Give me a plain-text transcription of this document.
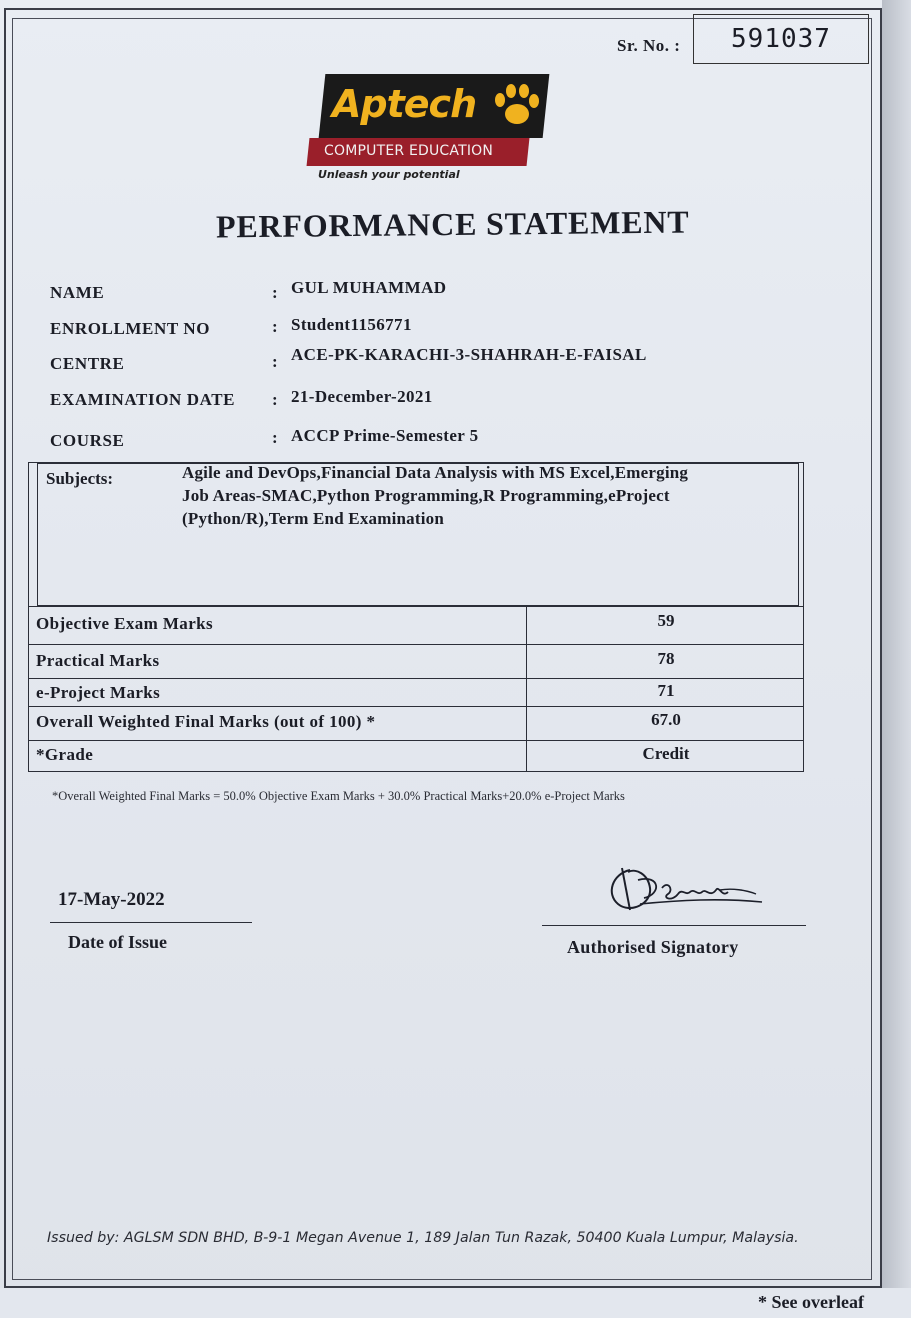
Sr. No. :	591037
Aptech
COMPUTER EDUCATION
Unleash your potential
PERFORMANCE STATEMENT
NAME	: GUL MUHAMMAD
ENROLLMENT NO	: Student1156771
CENTRE	: ACE-PK-KARACHI-3-SHAHRAH-E-FAISAL
EXAMINATION DATE : 21-December-2021
COURSE	: ACCP Prime-Semester 5
Subjects:	Agile and DevOps,Financial Data Analysis with MS Excel,Emerging
Job Areas-SMAC,Python Programming,R Programming,eProject
(Python/R),Term End Examination
Objective Exam Marks	59
Practical Marks	78
e-Project Marks	71
Overall Weighted Final Marks (out of 100) *	67.0
*Grade	Credit
*Overall Weighted Final Marks = 50.0% Objective Exam Marks + 30.0% Practical Marks+20.0% e-Project Marks
17-May-2022
Date of Issue	Authorised Signatory
Issued by: AGLSM SDN BHD, B-9-1 Megan Avenue 1, 189 Jalan Tun Razak, 50400 Kuala Lumpur, Malaysia.
* See overleaf
